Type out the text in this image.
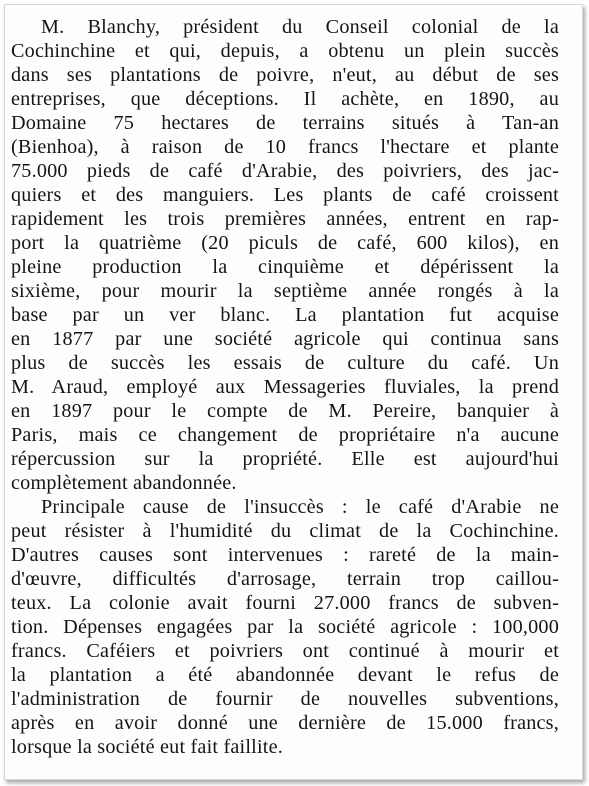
M. Blanchy, président du Conseil colonial de la
Cochinchine et qui, depuis, a obtenu un plein succès
dans ses plantations de poivre, n'eut, au début de ses
entreprises, que déceptions. Il achète, en 1890, au
Domaine 75 hectares de terrains situés à Tan-an
(Bienhoa), à raison de 10 francs l'hectare et plante
75.000 pieds de café d'Arabie, des poivriers, des jac-
quiers et des manguiers. Les plants de café croissent
rapidement les trois premières années, entrent en rap-
port la quatrième (20 piculs de café, 600 kilos), en
pleine production la cinquième et dépérissent la
sixième, pour mourir la septième année rongés à la
base par un ver blanc. La plantation fut acquise
en 1877 par une société agricole qui continua sans
plus de succès les essais de culture du café. Un
M. Araud, employé aux Messageries fluviales, la prend
en 1897 pour le compte de M. Pereire, banquier à
Paris, mais ce changement de propriétaire n'a aucune
répercussion sur la propriété. Elle est aujourd'hui
complètement abandonnée.
Principale cause de l'insuccès : le café d'Arabie ne
peut résister à l'humidité du climat de la Cochinchine.
D'autres causes sont intervenues : rareté de la main-
d'œuvre, difficultés d'arrosage, terrain trop caillou-
teux. La colonie avait fourni 27.000 francs de subven-
tion. Dépenses engagées par la société agricole : 100,000
francs. Caféiers et poivriers ont continué à mourir et
la plantation a été abandonnée devant le refus de
l'administration de fournir de nouvelles subventions,
après en avoir donné une dernière de 15.000 francs,
lorsque la société eut fait faillite.
